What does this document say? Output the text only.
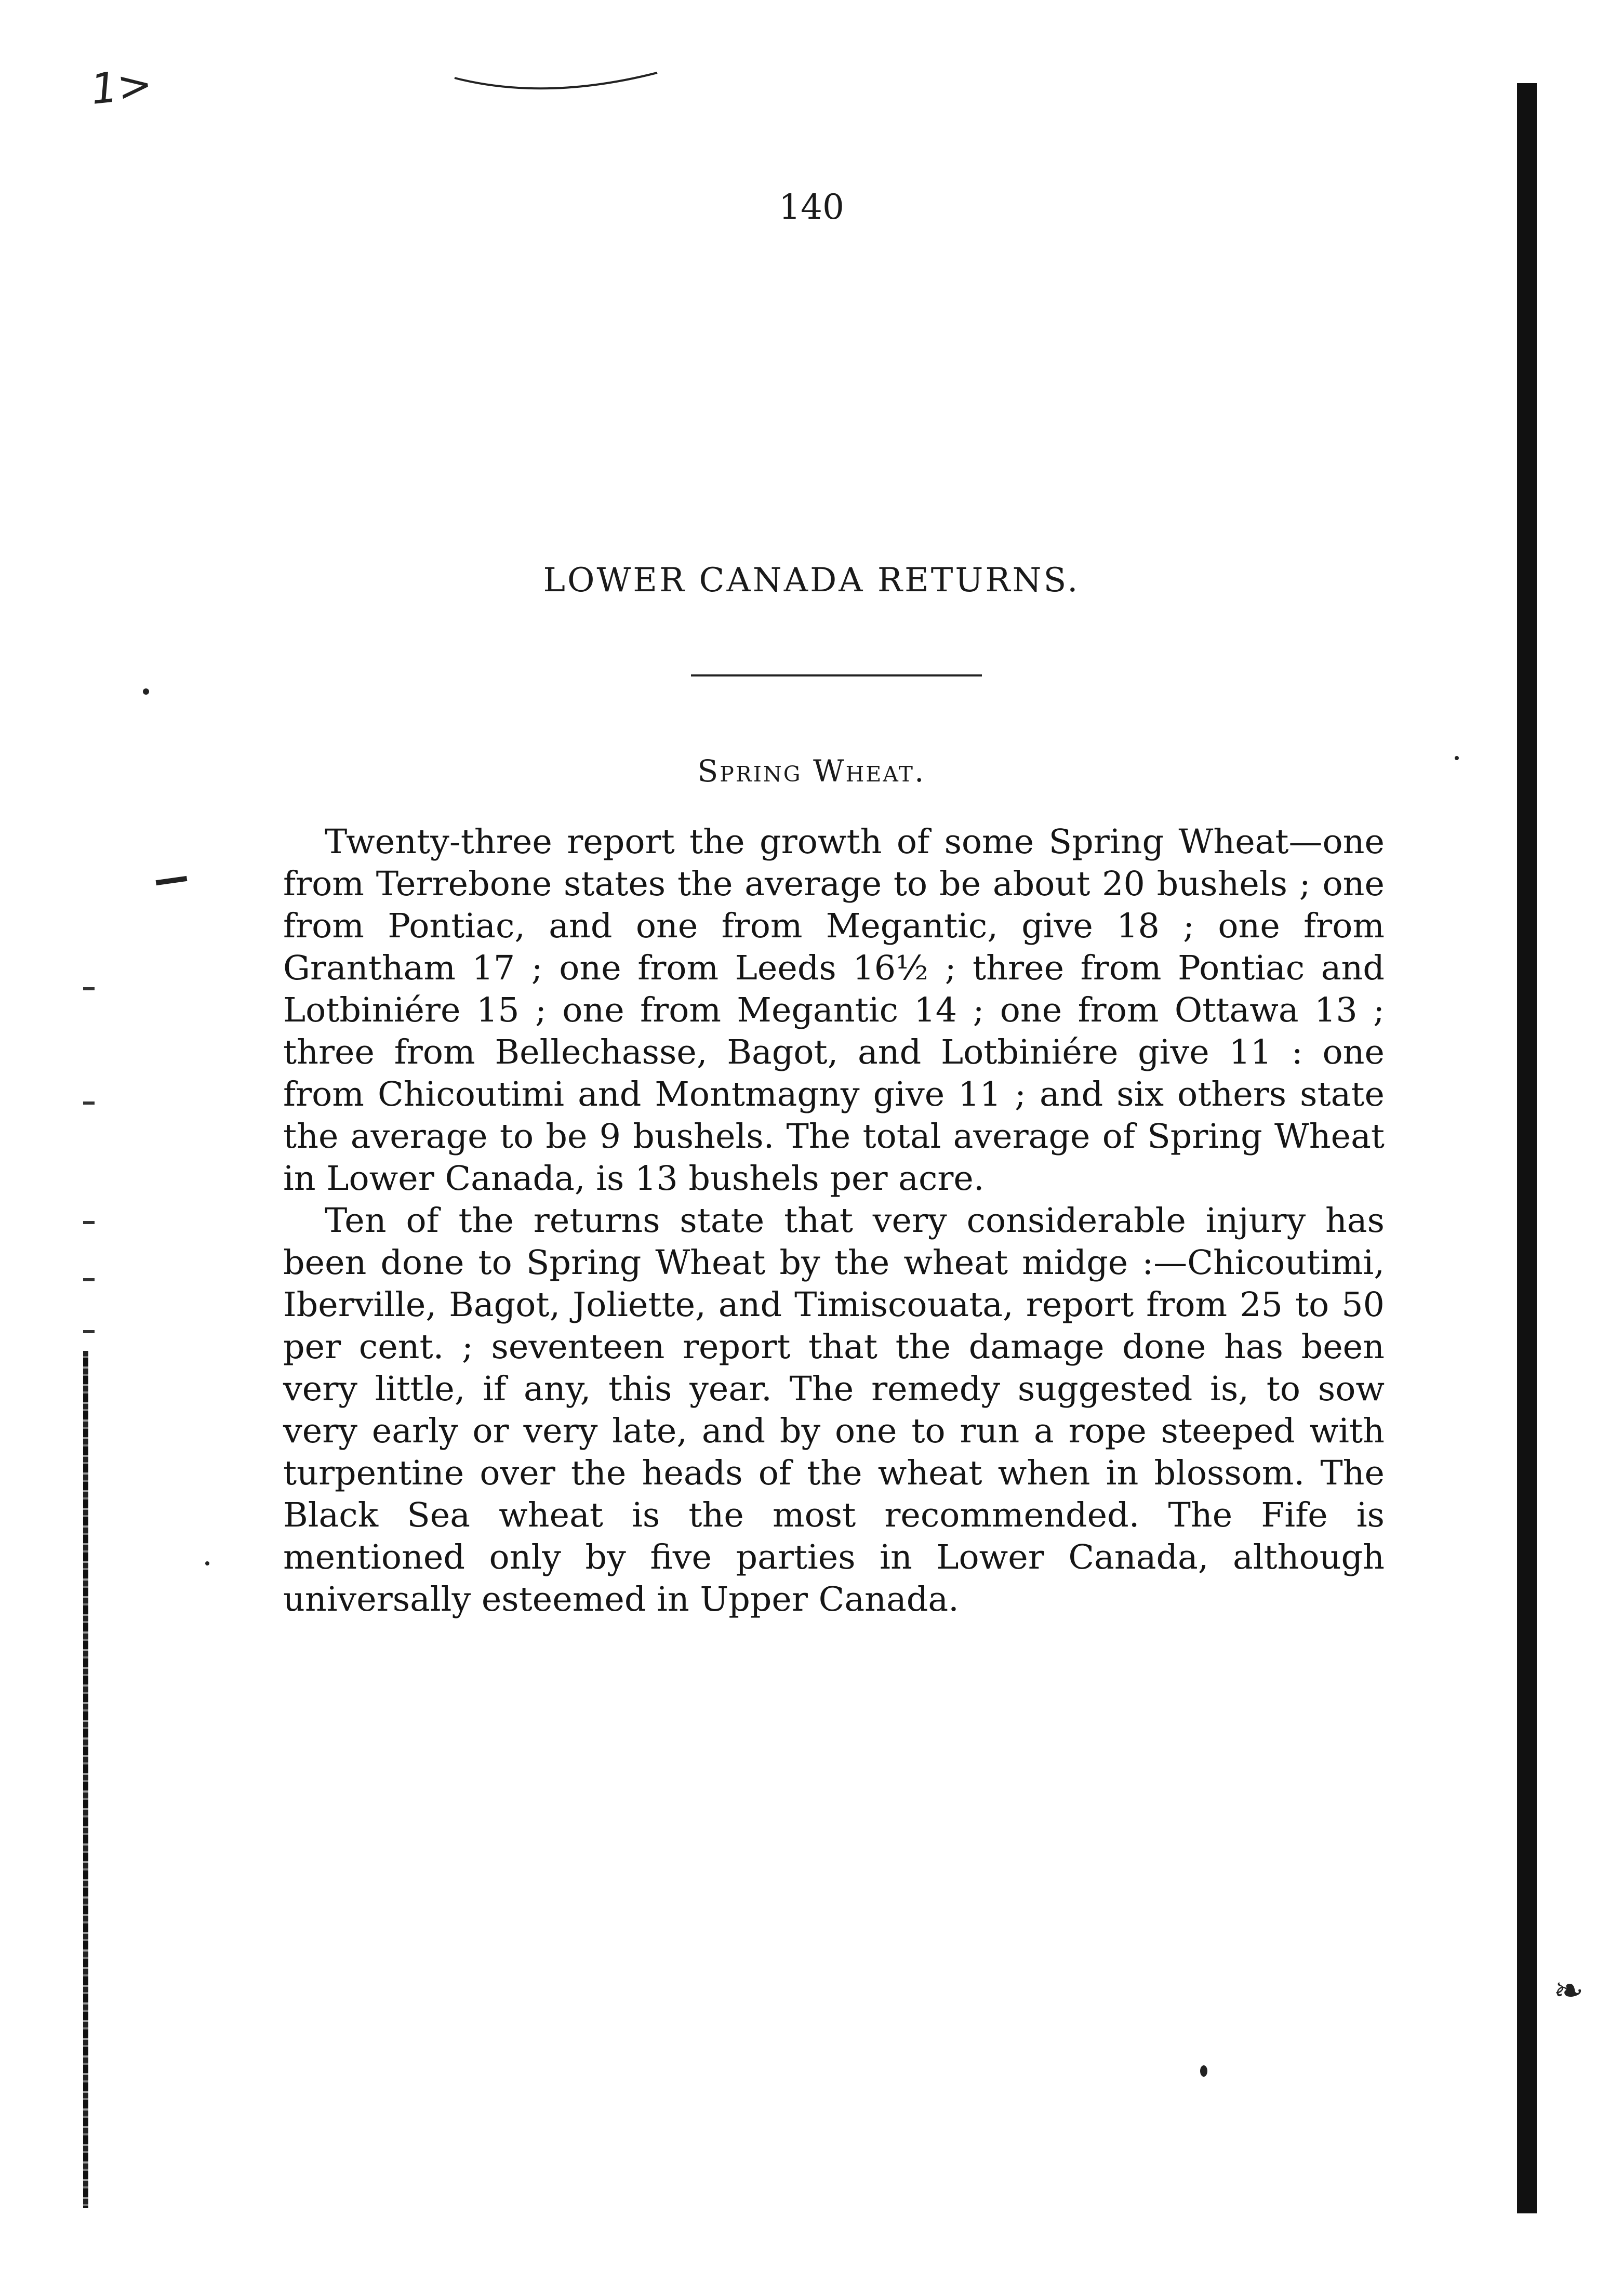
1>
❧
140
LOWER CANADA RETURNS.
Spring Wheat.

Twenty-three report the growth of some Spring Wheat—one from Terrebone states the average to be about 20 bushels ; one from Pontiac, and one from Megantic, give 18 ; one from Grantham 17 ; one from Leeds 16½ ; three from Pontiac and Lotbiniére 15 ; one from Megantic 14 ; one from Ottawa 13 ; three from Bellechasse, Bagot, and Lotbiniére give 11 : one from Chicoutimi and Montmagny give 11 ; and six others state the average to be 9 bushels. The total average of Spring Wheat in Lower Canada, is 13 bushels per acre.

Ten of the returns state that very considerable injury has been done to Spring Wheat by the wheat midge :—Chicoutimi, Iberville, Bagot, Joliette, and Timiscouata, report from 25 to 50 per cent. ; seventeen report that the damage done has been very little, if any, this year. The remedy suggested is, to sow very early or very late, and by one to run a rope steeped with turpentine over the heads of the wheat when in blossom. The Black Sea wheat is the most recommended. The Fife is mentioned only by five parties in Lower Canada, although universally esteemed in Upper Canada.
